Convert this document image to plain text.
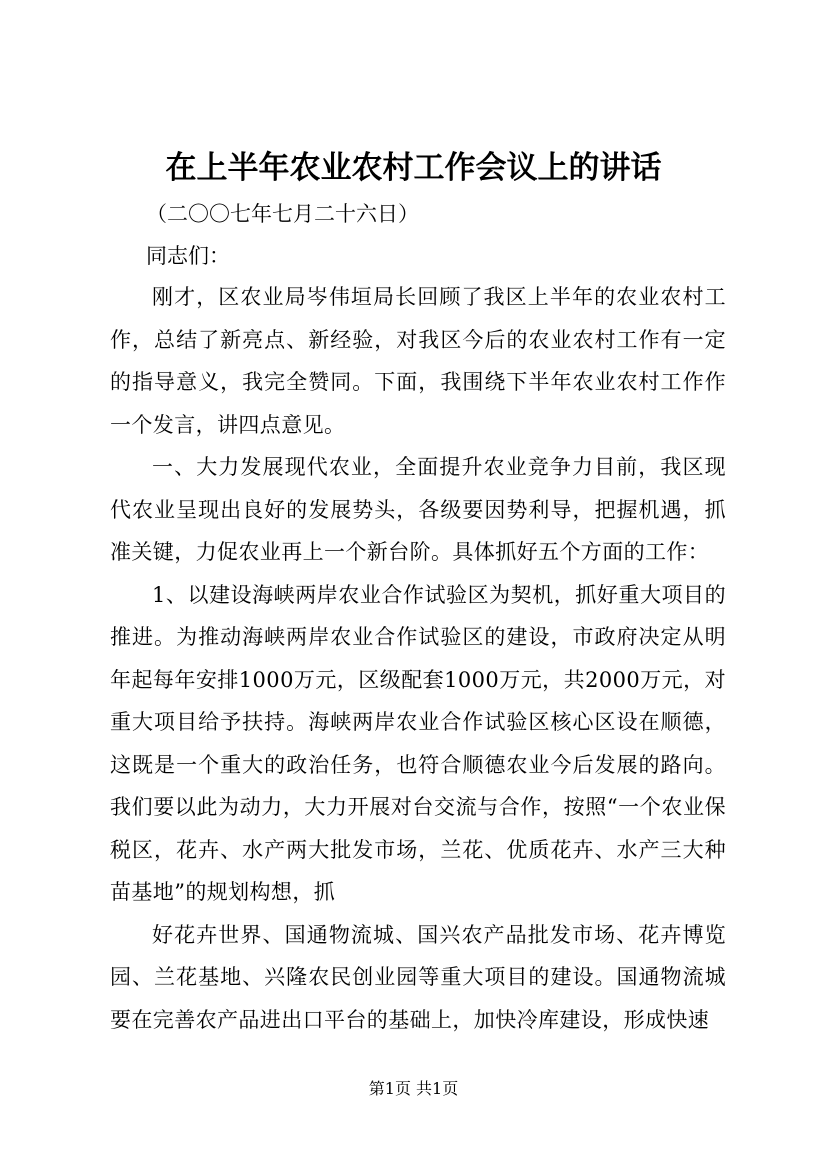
在上半年农业农村工作会议上的讲话
（二〇〇七年七月二十六日）
同志们：

刚才，区农业局岑伟垣局长回顾了我区上半年的农业农村工作，总结了新亮点、新经验，对我区今后的农业农村工作有一定的指导意义，我完全赞同。下面，我围绕下半年农业农村工作作一个发言，讲四点意见。

一、大力发展现代农业，全面提升农业竞争力目前，我区现代农业呈现出良好的发展势头，各级要因势利导，把握机遇，抓准关键，力促农业再上一个新台阶。具体抓好五个方面的工作：

1、以建设海峡两岸农业合作试验区为契机，抓好重大项目的推进。为推动海峡两岸农业合作试验区的建设，市政府决定从明年起每年安排1000万元，区级配套1000万元，共2000万元，对重大项目给予扶持。海峡两岸农业合作试验区核心区设在顺德，这既是一个重大的政治任务，也符合顺德农业今后发展的路向。我们要以此为动力，大力开展对台交流与合作，按照“一个农业保税区，花卉、水产两大批发市场，兰花、优质花卉、水产三大种苗基地”的规划构想，抓

好花卉世界、国通物流城、国兴农产品批发市场、花卉博览园、兰花基地、兴隆农民创业园等重大项目的建设。国通物流城要在完善农产品进出口平台的基础上，加快冷库建设，形成快速

第1页 共1页
